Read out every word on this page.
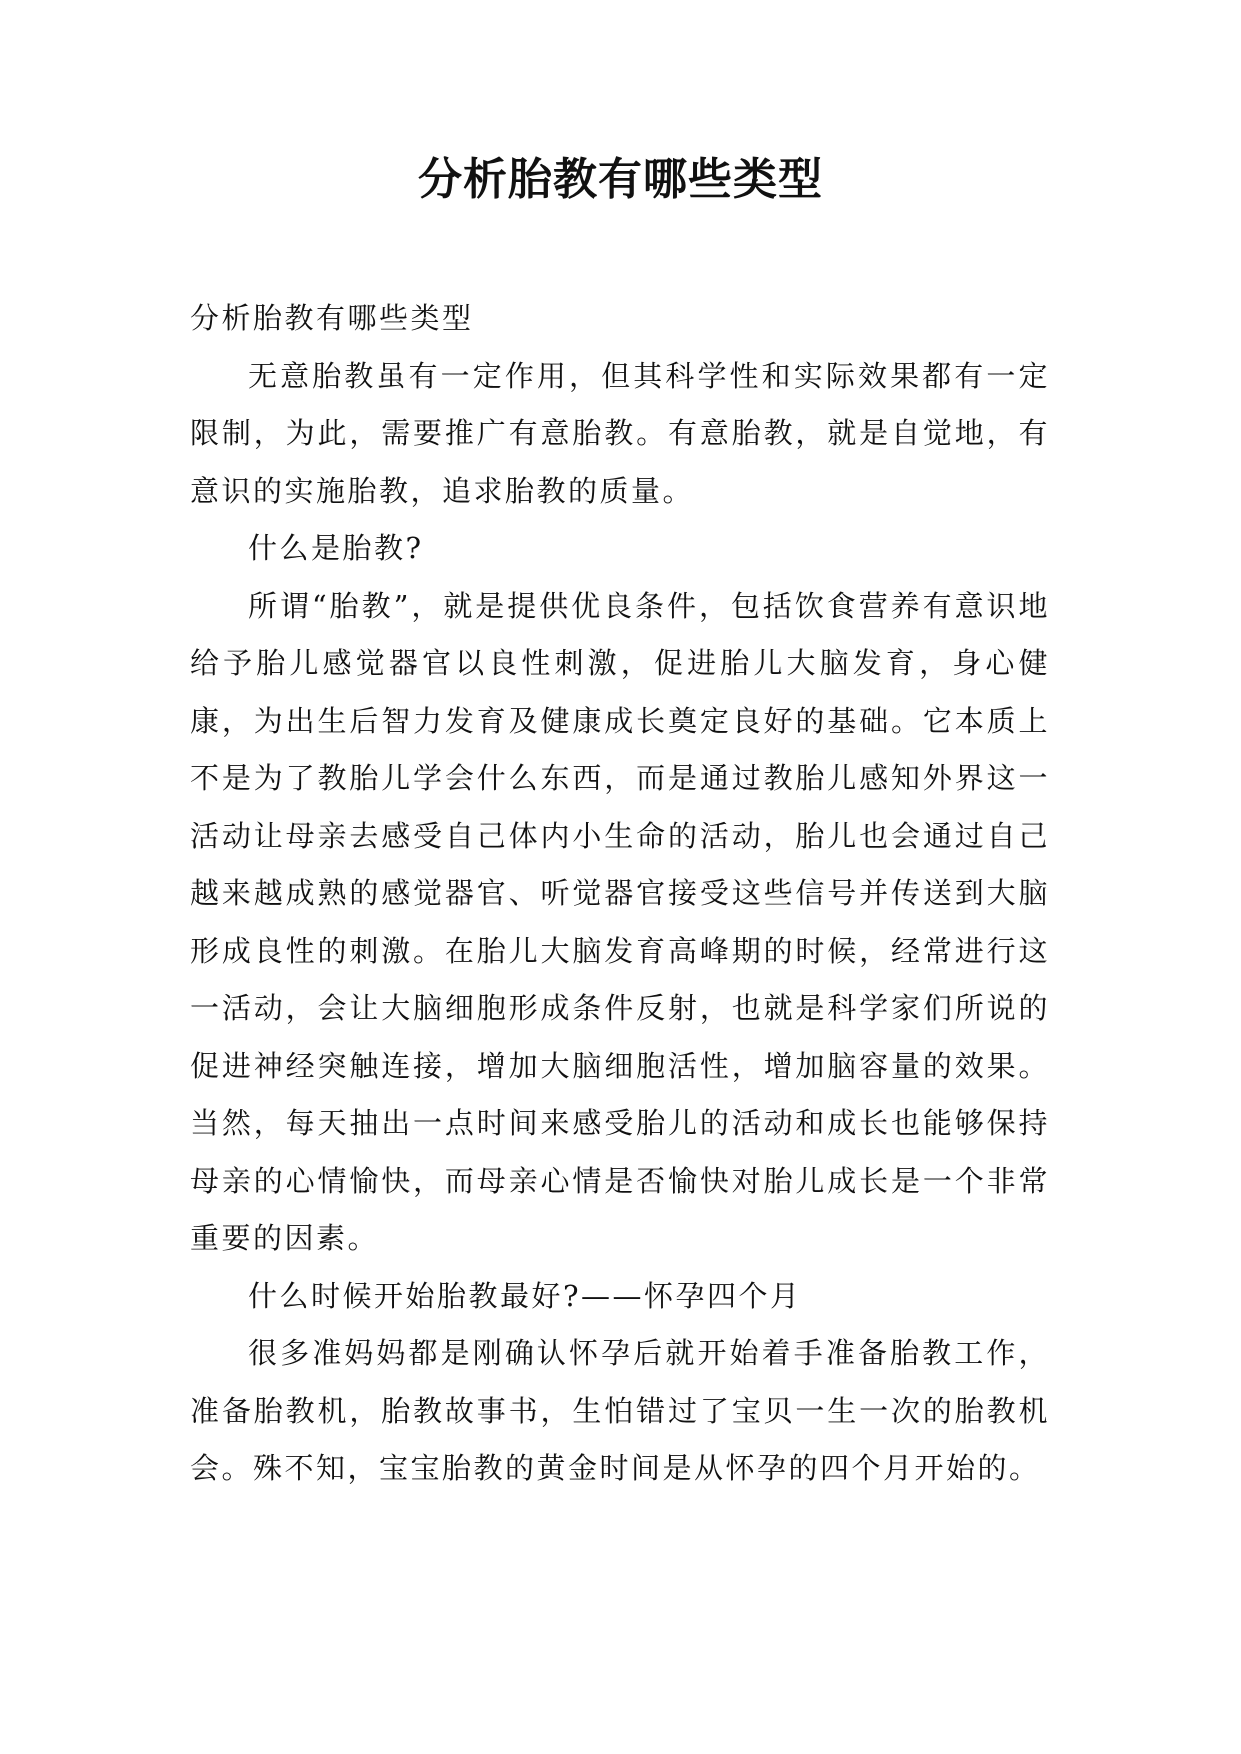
分析胎教有哪些类型

分析胎教有哪些类型

无意胎教虽有一定作用，但其科学性和实际效果都有一定限制，为此，需要推广有意胎教。有意胎教，就是自觉地，有意识的实施胎教，追求胎教的质量。

什么是胎教?

所谓“胎教”，就是提供优良条件，包括饮食营养有意识地给予胎儿感觉器官以良性刺激，促进胎儿大脑发育，身心健康，为出生后智力发育及健康成长奠定良好的基础。它本质上不是为了教胎儿学会什么东西，而是通过教胎儿感知外界这一活动让母亲去感受自己体内小生命的活动，胎儿也会通过自己越来越成熟的感觉器官、听觉器官接受这些信号并传送到大脑形成良性的刺激。在胎儿大脑发育高峰期的时候，经常进行这一活动，会让大脑细胞形成条件反射，也就是科学家们所说的促进神经突触连接，增加大脑细胞活性，增加脑容量的效果。当然，每天抽出一点时间来感受胎儿的活动和成长也能够保持母亲的心情愉快，而母亲心情是否愉快对胎儿成长是一个非常重要的因素。

什么时候开始胎教最好?——怀孕四个月

很多准妈妈都是刚确认怀孕后就开始着手准备胎教工作，准备胎教机，胎教故事书，生怕错过了宝贝一生一次的胎教机会。殊不知，宝宝胎教的黄金时间是从怀孕的四个月开始的。
